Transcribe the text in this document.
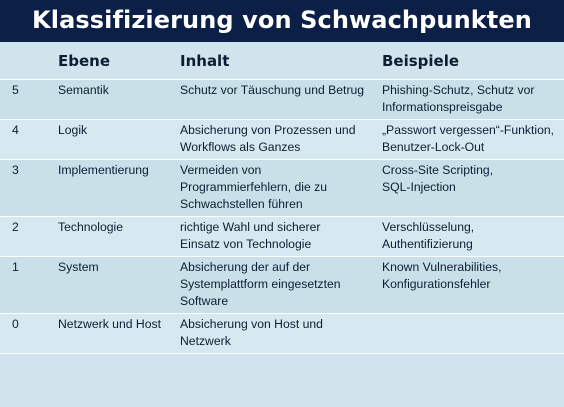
Klassifizierung von Schwachpunkten
	Ebene	Inhalt	Beispiele
5	Semantik	Schutz vor Täuschung und Betrug	Phishing-Schutz, Schutz vor
Informationspreisgabe

4	Logik	Absicherung von Prozessen und
Workflows als Ganzes	„Passwort vergessen“-Funktion,
Benutzer-Lock-Out

3	Implementierung	Vermeiden von
Programmierfehlern, die zu
Schwachstellen führen	Cross-Site Scripting,
SQL-Injection

2	Technologie	richtige Wahl und sicherer
Einsatz von Technologie	Verschlüsselung,
Authentifizierung

1	System	Absicherung der auf der
Systemplattform eingesetzten
Software	Known Vulnerabilities,
Konfigurationsfehler

0	Netzwerk und Host	Absicherung von Host und
Netzwerk	
